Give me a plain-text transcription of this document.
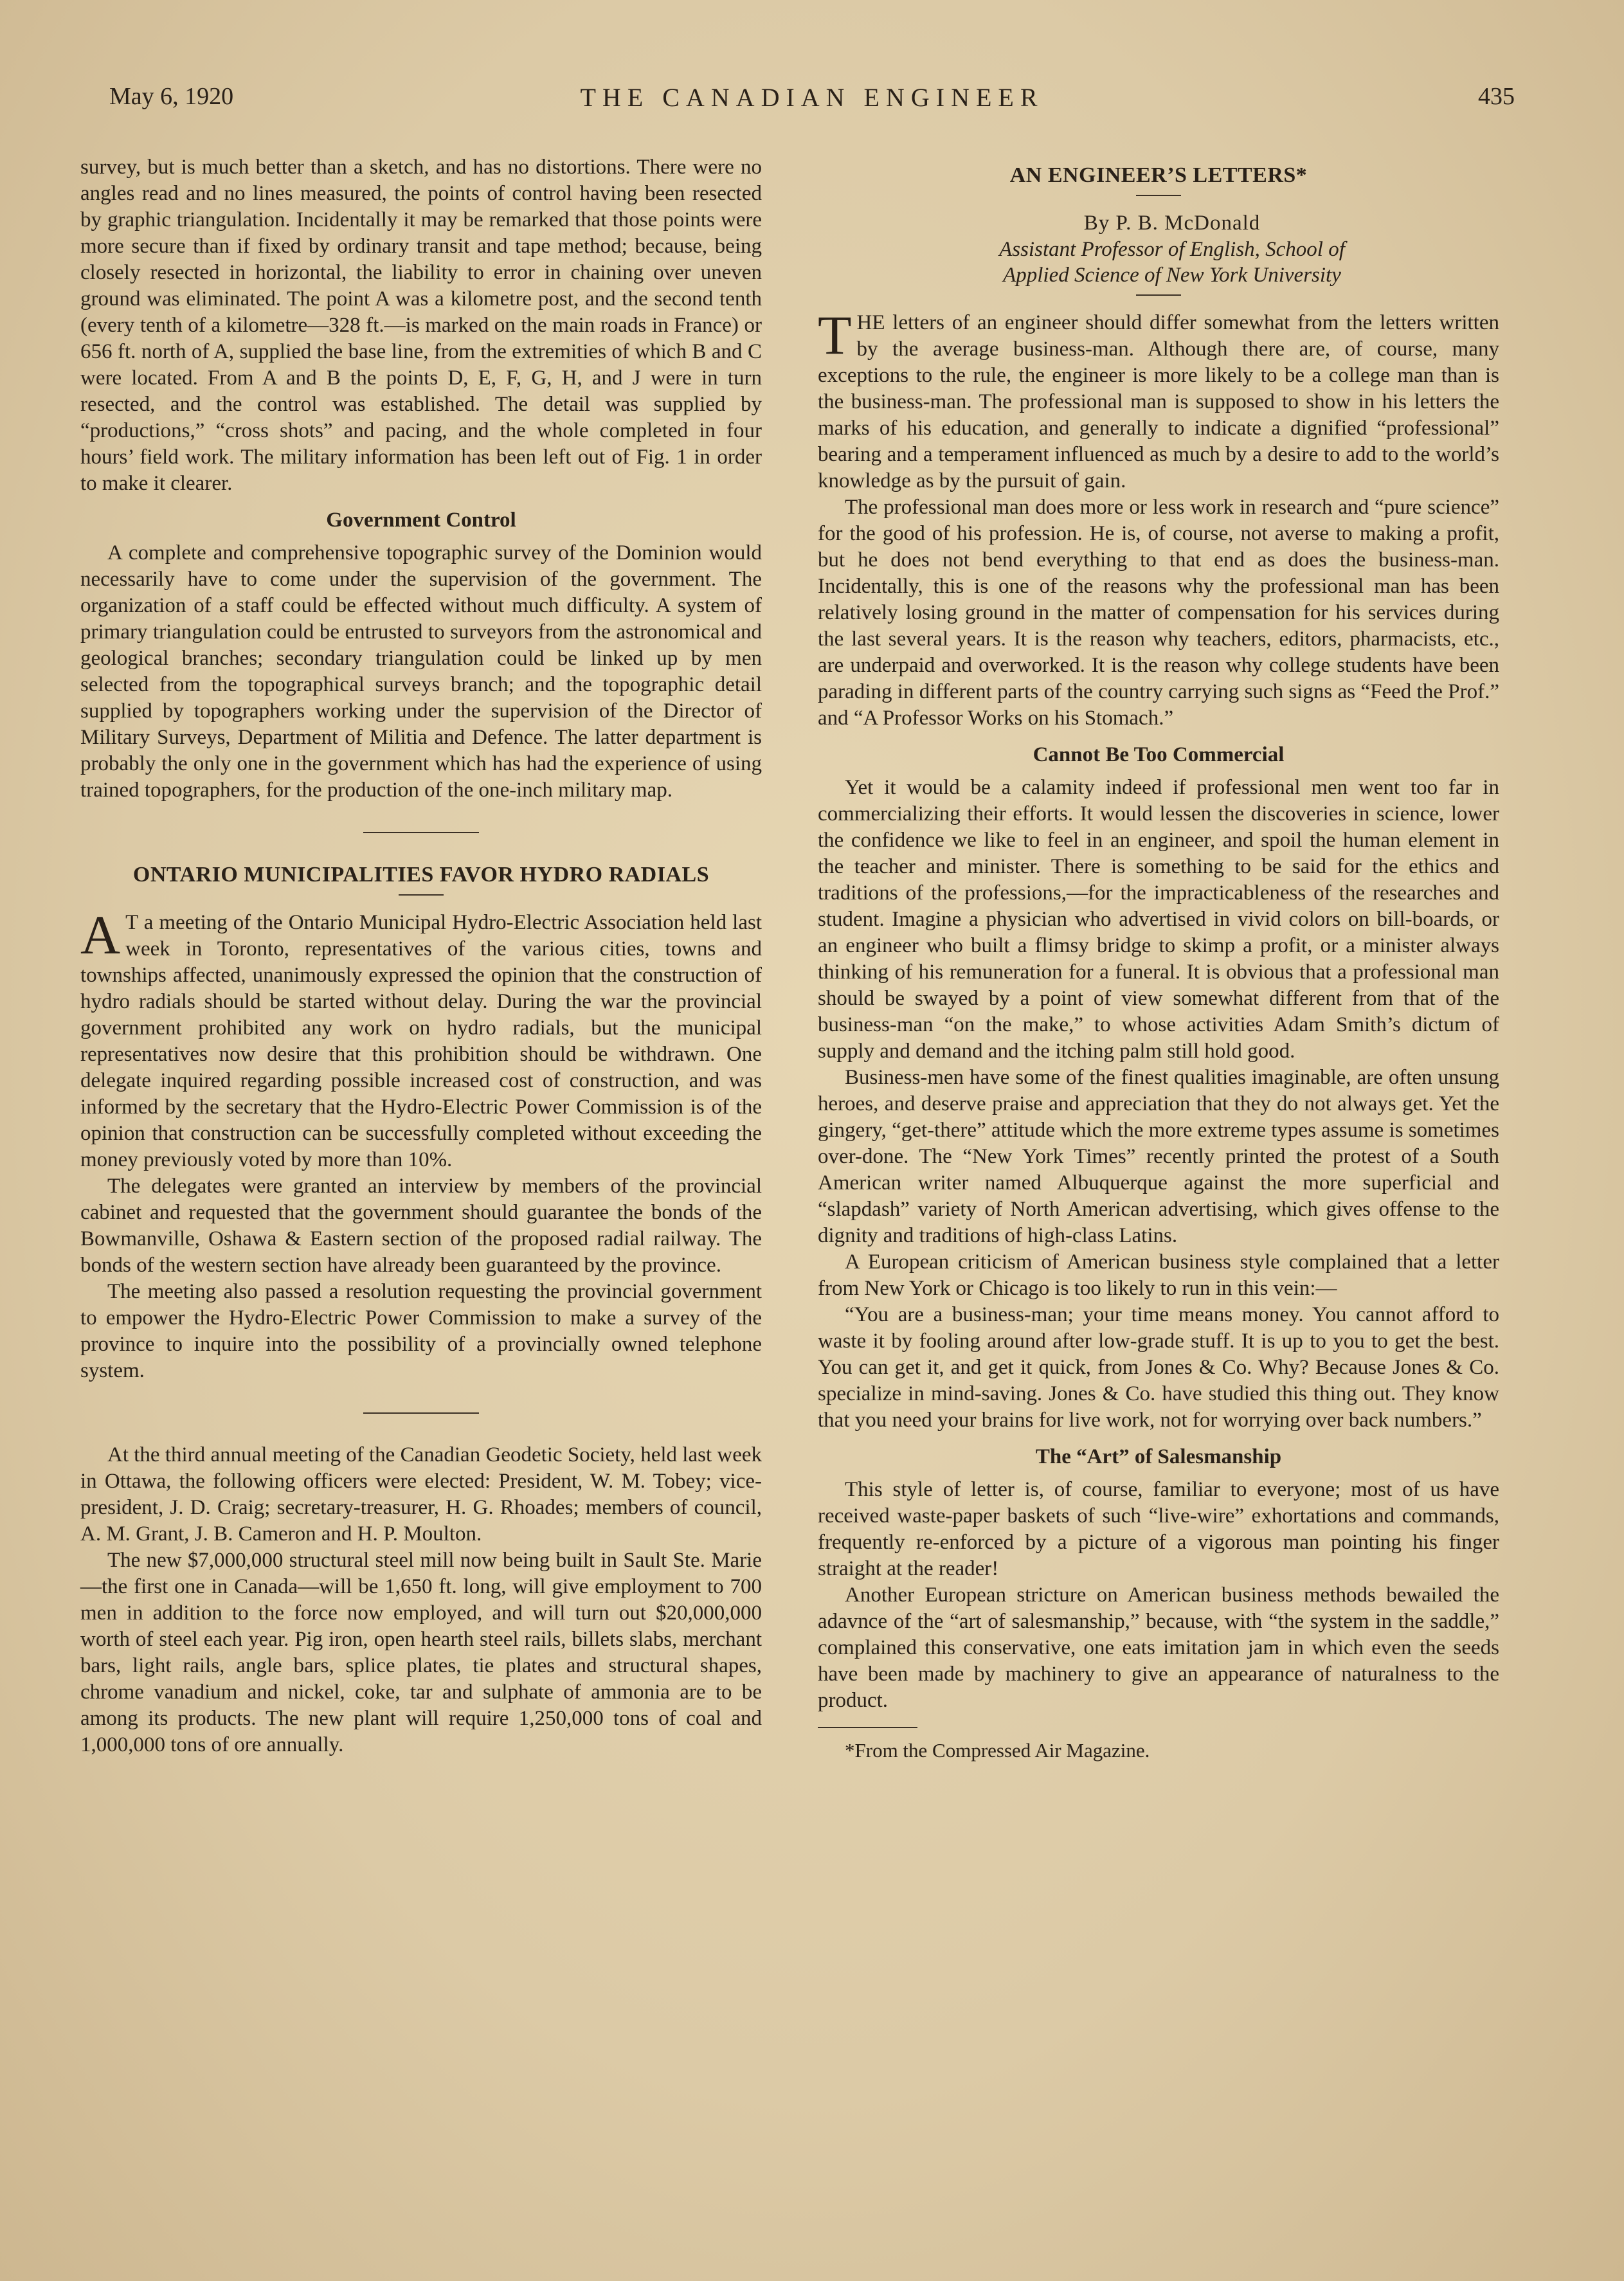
May 6, 1920	THE CANADIAN ENGINEER	435

survey, but is much better than a sketch, and has no distortions. There were no angles read and no lines measured, the points of control having been resected by graphic triangulation. Incidentally it may be remarked that those points were more secure than if fixed by ordinary transit and tape method; because, being closely resected in horizontal, the liability to error in chaining over uneven ground was eliminated. The point A was a kilometre post, and the second tenth (every tenth of a kilometre—328 ft.—is marked on the main roads in France) or 656 ft. north of A, supplied the base line, from the extremities of which B and C were located. From A and B the points D, E, F, G, H, and J were in turn resected, and the control was established. The detail was supplied by “productions,” “cross shots” and pacing, and the whole completed in four hours’ field work. The military information has been left out of Fig. 1 in order to make it clearer.

Government Control

A complete and comprehensive topographic survey of the Dominion would necessarily have to come under the supervision of the government. The organization of a staff could be effected without much difficulty. A system of primary triangulation could be entrusted to surveyors from the astronomical and geological branches; secondary triangulation could be linked up by men selected from the topographical surveys branch; and the topographic detail supplied by topographers working under the supervision of the Director of Military Surveys, Department of Militia and Defence. The latter department is probably the only one in the government which has had the experience of using trained topographers, for the production of the one-inch military map.

ONTARIO MUNICIPALITIES FAVOR HYDRO RADIALS

A T a meeting of the Ontario Municipal Hydro-Electric Association held last week in Toronto, representatives of the various cities, towns and townships affected, unanimously expressed the opinion that the construction of hydro radials should be started without delay. During the war the provincial government prohibited any work on hydro radials, but the municipal representatives now desire that this prohibition should be withdrawn. One delegate inquired regarding possible increased cost of construction, and was informed by the secretary that the Hydro-Electric Power Commission is of the opinion that construction can be successfully completed without exceeding the money previously voted by more than 10%.

The delegates were granted an interview by members of the provincial cabinet and requested that the government should guarantee the bonds of the Bowmanville, Oshawa & Eastern section of the proposed radial railway. The bonds of the western section have already been guaranteed by the province.

The meeting also passed a resolution requesting the provincial government to empower the Hydro-Electric Power Commission to make a survey of the province to inquire into the possibility of a provincially owned telephone system.

At the third annual meeting of the Canadian Geodetic Society, held last week in Ottawa, the following officers were elected: President, W. M. Tobey; vice-president, J. D. Craig; secretary-treasurer, H. G. Rhoades; members of council, A. M. Grant, J. B. Cameron and H. P. Moulton.

The new $7,000,000 structural steel mill now being built in Sault Ste. Marie—the first one in Canada—will be 1,650 ft. long, will give employment to 700 men in addition to the force now employed, and will turn out $20,000,000 worth of steel each year. Pig iron, open hearth steel rails, billets slabs, merchant bars, light rails, angle bars, splice plates, tie plates and structural shapes, chrome vanadium and nickel, coke, tar and sulphate of ammonia are to be among its products. The new plant will require 1,250,000 tons of coal and 1,000,000 tons of ore annually.

AN ENGINEER’S LETTERS*

By P. B. McDonald

Assistant Professor of English, School of

Applied Science of New York University

THE letters of an engineer should differ somewhat from the letters written by the average business-man. Although there are, of course, many exceptions to the rule, the engineer is more likely to be a college man than is the business-man. The professional man is supposed to show in his letters the marks of his education, and generally to indicate a dignified “professional” bearing and a temperament influenced as much by a desire to add to the world’s knowledge as by the pursuit of gain.

The professional man does more or less work in research and “pure science” for the good of his profession. He is, of course, not averse to making a profit, but he does not bend everything to that end as does the business-man. Incidentally, this is one of the reasons why the professional man has been relatively losing ground in the matter of compensation for his services during the last several years. It is the reason why teachers, editors, pharmacists, etc., are underpaid and overworked. It is the reason why college students have been parading in different parts of the country carrying such signs as “Feed the Prof.” and “A Professor Works on his Stomach.”

Cannot Be Too Commercial

Yet it would be a calamity indeed if professional men went too far in commercializing their efforts. It would lessen the discoveries in science, lower the confidence we like to feel in an engineer, and spoil the human element in the teacher and minister. There is something to be said for the ethics and traditions of the professions,—for the impracticableness of the researches and student. Imagine a physician who advertised in vivid colors on bill-boards, or an engineer who built a flimsy bridge to skimp a profit, or a minister always thinking of his remuneration for a funeral. It is obvious that a professional man should be swayed by a point of view somewhat different from that of the business-man “on the make,” to whose activities Adam Smith’s dictum of supply and demand and the itching palm still hold good.

Business-men have some of the finest qualities imaginable, are often unsung heroes, and deserve praise and appreciation that they do not always get. Yet the gingery, “get-there” attitude which the more extreme types assume is sometimes over-done. The “New York Times” recently printed the protest of a South American writer named Albuquerque against the more superficial and “slapdash” variety of North American advertising, which gives offense to the dignity and traditions of high-class Latins.

A European criticism of American business style complained that a letter from New York or Chicago is too likely to run in this vein:—

“You are a business-man; your time means money. You cannot afford to waste it by fooling around after low-grade stuff. It is up to you to get the best. You can get it, and get it quick, from Jones & Co. Why? Because Jones & Co. specialize in mind-saving. Jones & Co. have studied this thing out. They know that you need your brains for live work, not for worrying over back numbers.”

The “Art” of Salesmanship

This style of letter is, of course, familiar to everyone; most of us have received waste-paper baskets of such “live-wire” exhortations and commands, frequently re-enforced by a picture of a vigorous man pointing his finger straight at the reader!

Another European stricture on American business methods bewailed the adavnce of the “art of salesmanship,” because, with “the system in the saddle,” complained this conservative, one eats imitation jam in which even the seeds have been made by machinery to give an appearance of naturalness to the product.

*From the Compressed Air Magazine.
